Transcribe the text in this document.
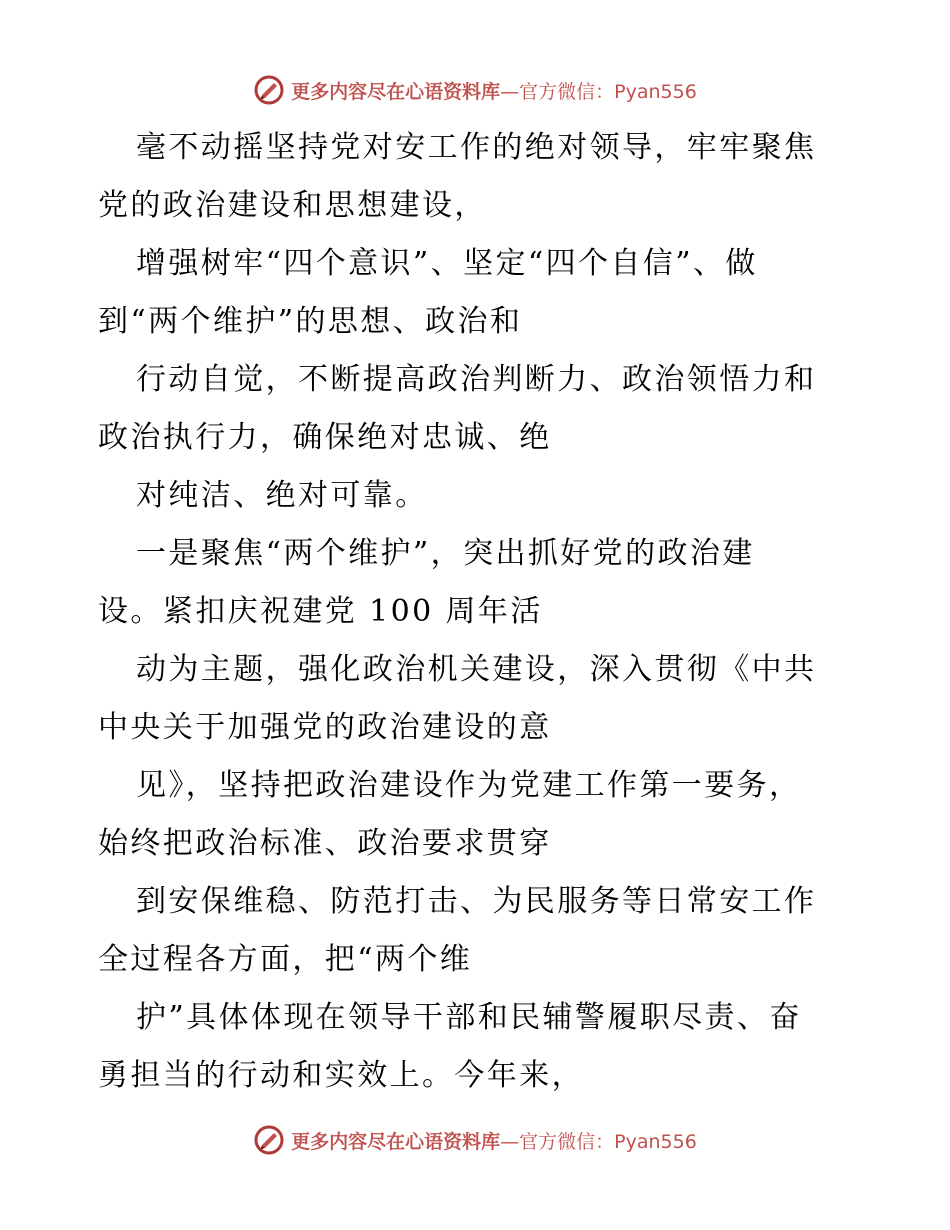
更多内容尽在心语资料库—官方微信：Pyan556
毫不动摇坚持党对安工作的绝对领导，牢牢聚焦
党的政治建设和思想建设，
增强树牢“四个意识”、坚定“四个自信”、做
到“两个维护”的思想、政治和
行动自觉，不断提高政治判断力、政治领悟力和
政治执行力，确保绝对忠诚、绝
对纯洁、绝对可靠。
一是聚焦“两个维护”，突出抓好党的政治建
设。紧扣庆祝建党 100 周年活
动为主题，强化政治机关建设，深入贯彻《中共
中央关于加强党的政治建设的意
见》，坚持把政治建设作为党建工作第一要务，
始终把政治标准、政治要求贯穿
到安保维稳、防范打击、为民服务等日常安工作
全过程各方面，把“两个维
护”具体体现在领导干部和民辅警履职尽责、奋
勇担当的行动和实效上。今年来，
更多内容尽在心语资料库—官方微信：Pyan556
